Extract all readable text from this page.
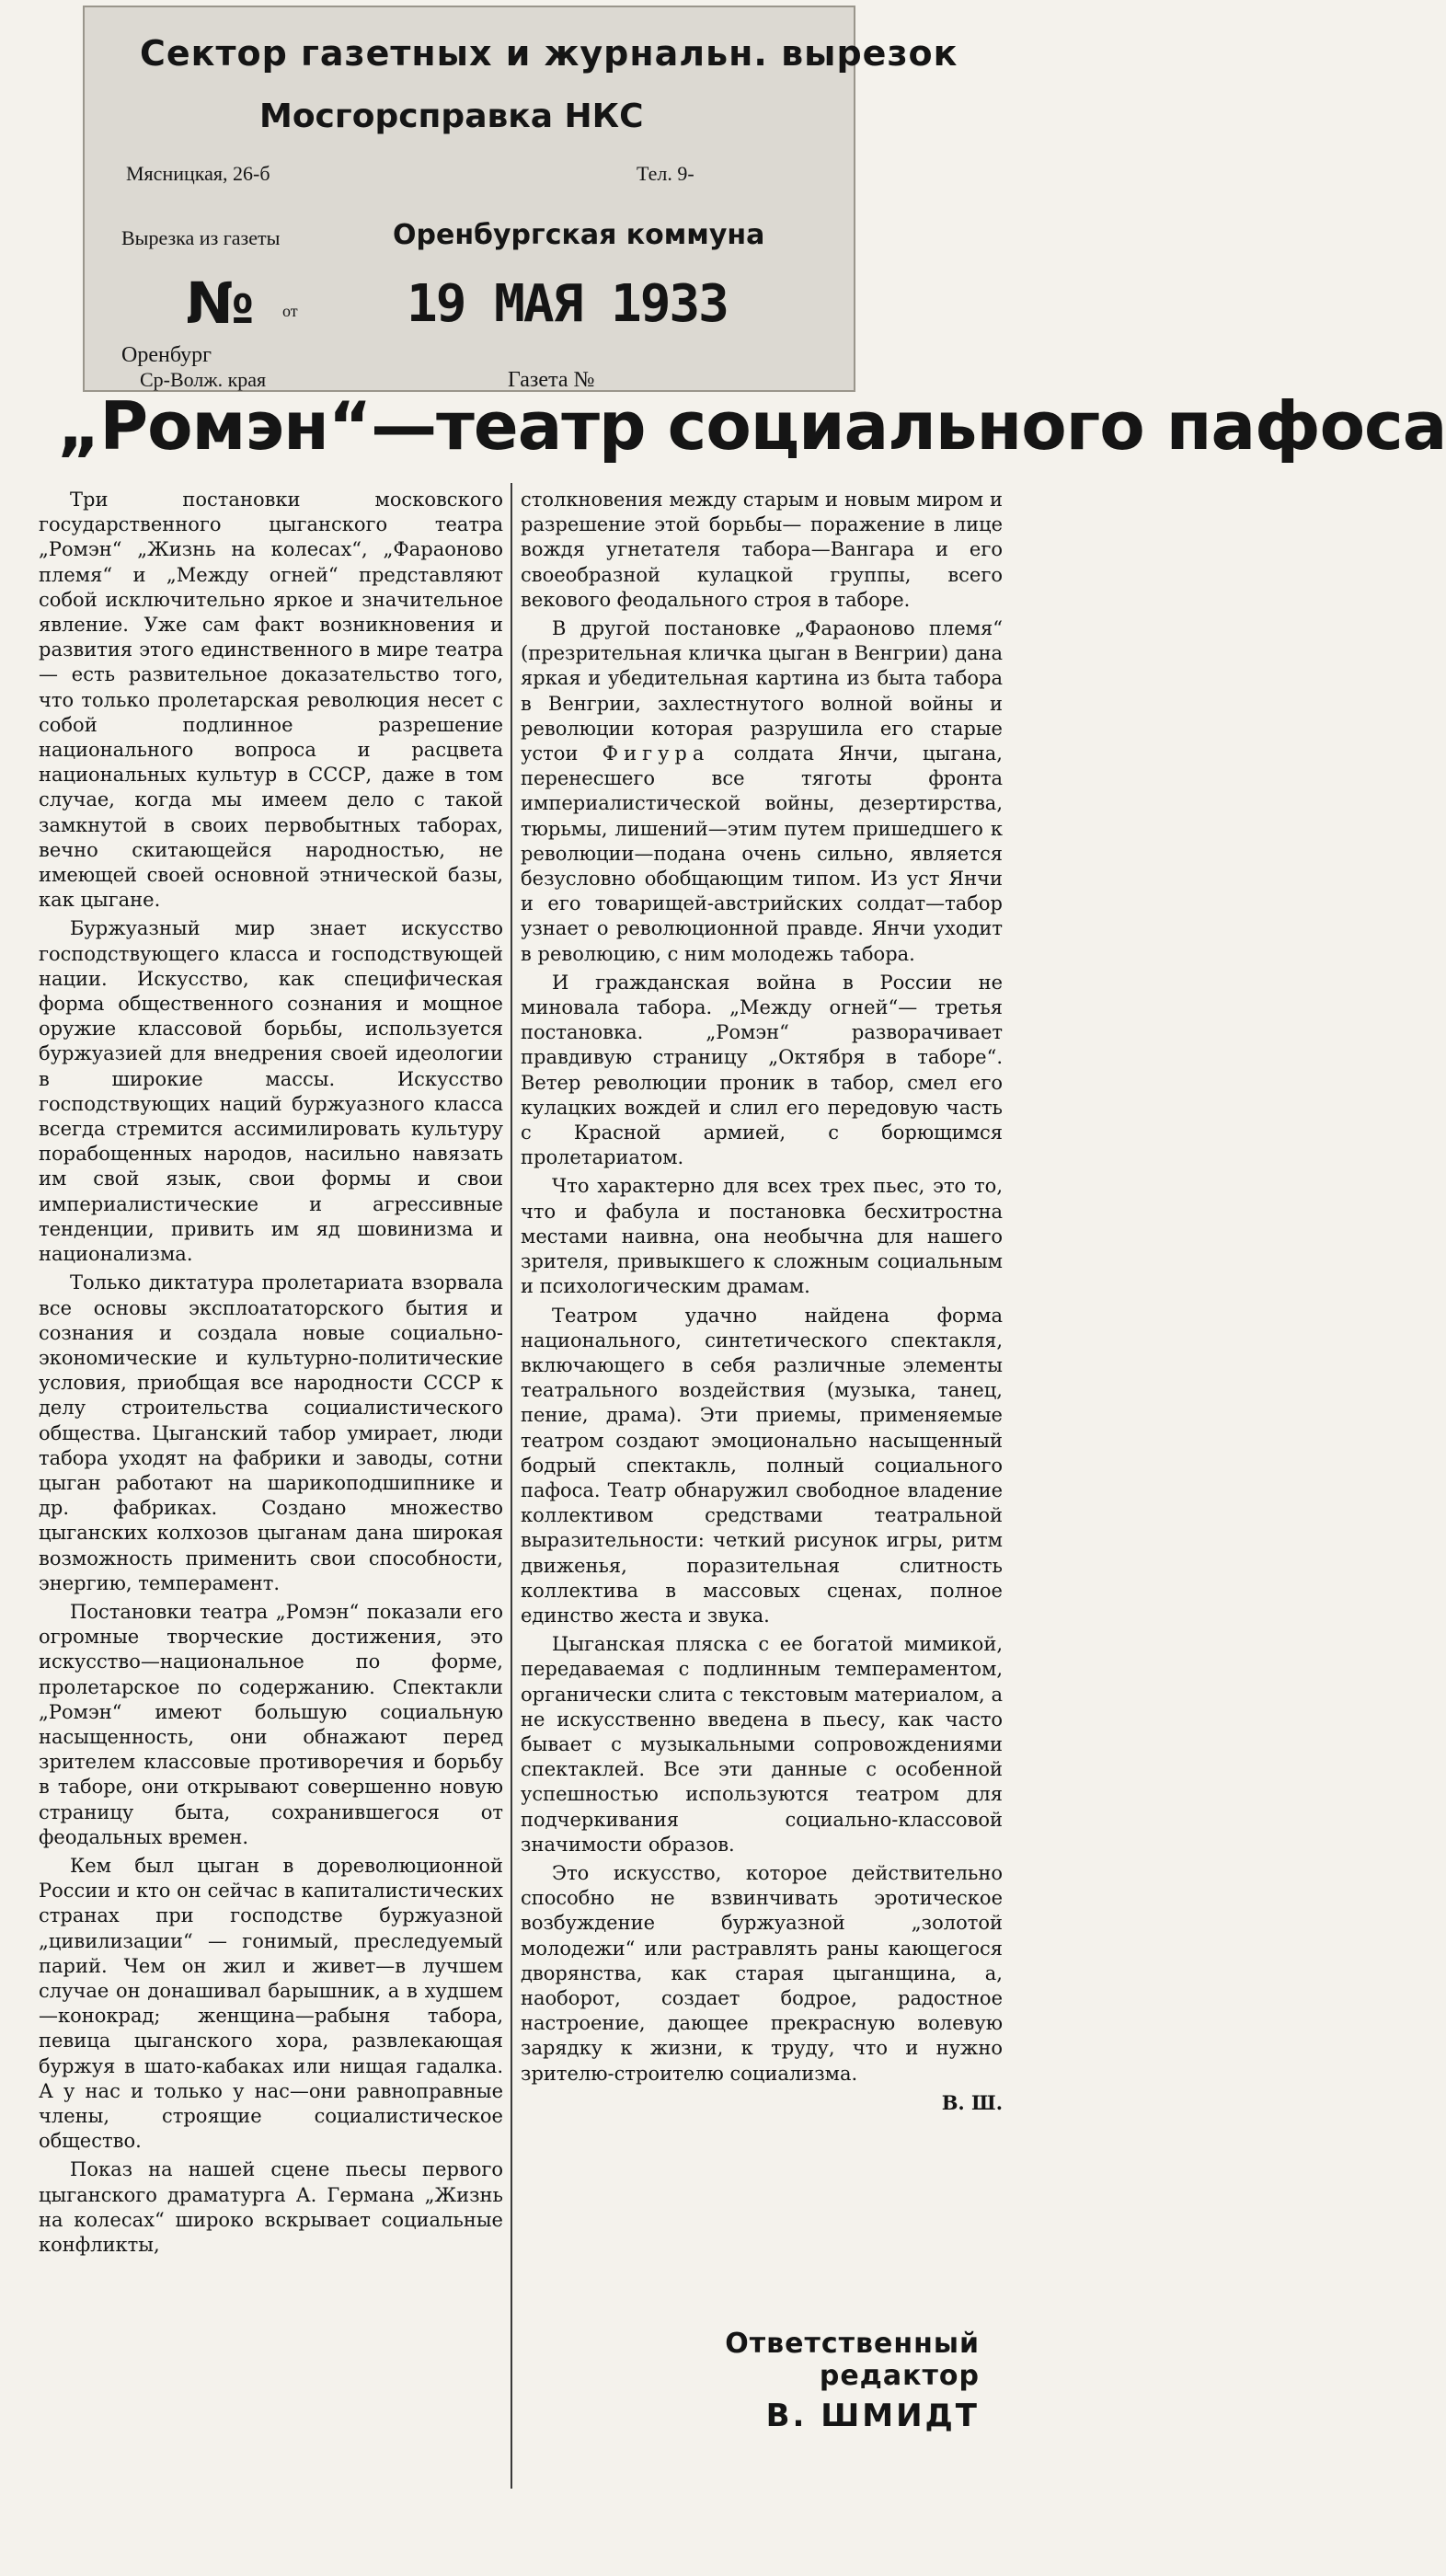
Сектор газетных и журнальн. вырезок
Мосгорсправка НКС
Мясницкая, 26-б	Тел. 9-
Вырезка из газеты	Оренбургская коммуна
№ от 19 МАЯ 1933
Оренбург
Ср-Волж. края	Газета №
„Ромэн“—театр социального пафоса

Три постановки московского государственного цыганского театра „Ромэн“ „Жизнь на колесах“, „Фараоново племя“ и „Между огней“ представляют собой исключительно яркое и значительное явление. Уже сам факт возникновения и развития этого единственного в мире театра— есть развительное доказательство того, что только пролетарская революция несет с собой подлинное разрешение национального вопроса и расцвета национальных культур в СССР, даже в том случае, когда мы имеем дело с такой замкнутой в своих первобытных таборах, вечно скитающейся народностью, не имеющей своей основной этнической базы, как цыгане.

Буржуазный мир знает искусство господствующего класса и господствующей нации. Искусство, как специфическая форма общественного сознания и мощное оружие классовой борьбы, используется буржуазией для внедрения своей идеологии в широкие массы. Искусство господствующих наций буржуазного класса всегда стремится ассимилировать культуру порабощенных народов, насильно навязать им свой язык, свои формы и свои империалистические и агрессивные тенденции, привить им яд шовинизма и национализма.

Только диктатура пролетариата взорвала все основы эксплоататорского бытия и сознания и создала новые социально-экономические и культурно-политические условия, приобщая все народности СССР к делу строительства социалистического общества. Цыганский табор умирает, люди табора уходят на фабрики и заводы, сотни цыган работают на шарикоподшипнике и др. фабриках. Создано множество цыганских колхозов цыганам дана широкая возможность применить свои способности, энергию, темперамент.

Постановки театра „Ромэн“ показали его огромные творческие достижения, это искусство—национальное по форме, пролетарское по содержанию. Спектакли „Ромэн“ имеют большую социальную насыщенность, они обнажают перед зрителем классовые противоречия и борьбу в таборе, они открывают совершенно новую страницу быта, сохранившегося от феодальных времен.

Кем был цыган в дореволюционной России и кто он сейчас в капиталистических странах при господстве буржуазной „цивилизации“ — гонимый, преследуемый парий. Чем он жил и живет—в лучшем случае он донашивал барышник, а в худшем—конокрад; женщина—рабыня табора, певица цыганского хора, развлекающая буржуя в шато-кабаках или нищая гадалка. А у нас и только у нас—они равноправные члены, строящие социалистическое общество.

Показ на нашей сцене пьесы первого цыганского драматурга А. Германа „Жизнь на колесах“ широко вскрывает социальные конфликты,

столкновения между старым и новым миром и разрешение этой борьбы— поражение в лице вождя угнетателя табора—Вангара и его своеобразной кулацкой группы, всего векового феодального строя в таборе.

В другой постановке „Фараоново племя“ (презрительная кличка цыган в Венгрии) дана яркая и убедительная картина из быта табора в Венгрии, захлестнутого волной войны и революции которая разрушила его старые устои Фигура солдата Янчи, цыгана, перенесшего все тяготы фронта империалистической войны, дезертирства, тюрьмы, лишений—этим путем пришедшего к революции—подана очень сильно, является безусловно обобщающим типом. Из уст Янчи и его товарищей-австрийских солдат—табор узнает о революционной правде. Янчи уходит в революцию, с ним молодежь табора.

И гражданская война в России не миновала табора. „Между огней“— третья постановка. „Ромэн“ разворачивает правдивую страницу „Октября в таборе“. Ветер революции проник в табор, смел его кулацких вождей и слил его передовую часть с Красной армией, с борющимся пролетариатом.

Что характерно для всех трех пьес, это то, что и фабула и постановка бесхитростна местами наивна, она необычна для нашего зрителя, привыкшего к сложным социальным и психологическим драмам.

Театром удачно найдена форма национального, синтетического спектакля, включающего в себя различные элементы театрального воздействия (музыка, танец, пение, драма). Эти приемы, применяемые театром создают эмоционально насыщенный бодрый спектакль, полный социального пафоса. Театр обнаружил свободное владение коллективом средствами театральной выразительности: четкий рисунок игры, ритм движенья, поразительная слитность коллектива в массовых сценах, полное единство жеста и звука.

Цыганская пляска с ее богатой мимикой, передаваемая с подлинным темпераментом, органически слита с текстовым материалом, а не искусственно введена в пьесу, как часто бывает с музыкальными сопровождениями спектаклей. Все эти данные с особенной успешностью используются театром для подчеркивания социально-классовой значимости образов.

Это искусство, которое действительно способно не взвинчивать эротическое возбуждение буржуазной „золотой молодежи“ или растравлять раны кающегося дворянства, как старая цыганщина, а, наоборот, создает бодрое, радостное настроение, дающее прекрасную волевую зарядку к жизни, к труду, что и нужно зрителю-строителю социализма.

В. Ш.
Ответственный редактор
В. ШМИДТ
